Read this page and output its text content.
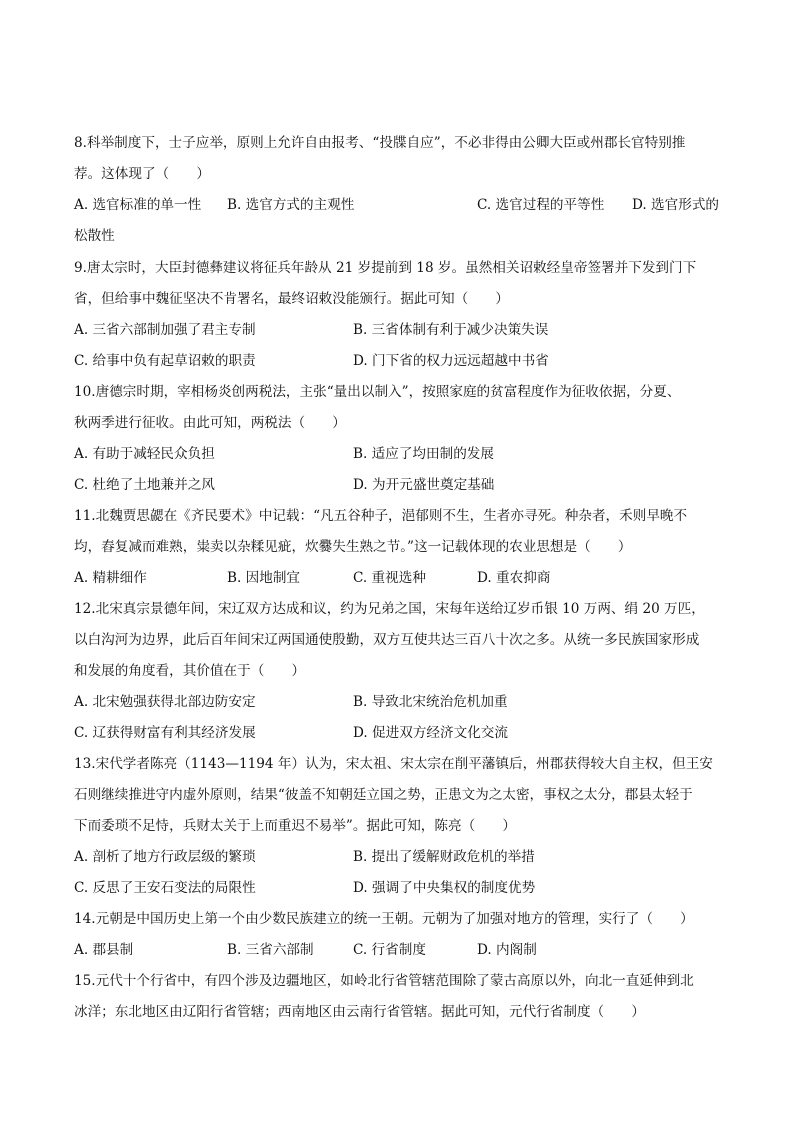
8.科举制度下，士子应举，原则上允许自由报考、“投牒自应”，不必非得由公卿大臣或州郡长官特别推
荐。这体现了（　　）
A. 选官标准的单一性 B. 选官方式的主观性	C. 选官过程的平等性 D. 选官形式的
松散性
9.唐太宗时，大臣封德彝建议将征兵年龄从 21 岁提前到 18 岁。虽然相关诏敕经皇帝签署并下发到门下
省，但给事中魏征坚决不肯署名，最终诏敕没能颁行。据此可知（　　）
A. 三省六部制加强了君主专制	B. 三省体制有利于减少决策失误
C. 给事中负有起草诏敕的职责	D. 门下省的权力远远超越中书省
10.唐德宗时期，宰相杨炎创两税法，主张“量出以制入”，按照家庭的贫富程度作为征收依据，分夏、
秋两季进行征收。由此可知，两税法（　　）
A. 有助于减轻民众负担	B. 适应了均田制的发展
C. 杜绝了土地兼并之风	D. 为开元盛世奠定基础
11.北魏贾思勰在《齐民要术》中记载：“凡五谷种子，浥郁则不生，生者亦寻死。种杂者，禾则早晚不
均，舂复减而难熟，粜卖以杂糅见疵，炊爨失生熟之节。”这一记载体现的农业思想是（　　）
A. 精耕细作	B. 因地制宜	C. 重视选种	D. 重农抑商
12.北宋真宗景德年间，宋辽双方达成和议，约为兄弟之国，宋每年送给辽岁币银 10 万两、绢 20 万匹，
以白沟河为边界，此后百年间宋辽两国通使殷勤，双方互使共达三百八十次之多。从统一多民族国家形成
和发展的角度看，其价值在于（　　）
A. 北宋勉强获得北部边防安定	B. 导致北宋统治危机加重
C. 辽获得财富有利其经济发展	D. 促进双方经济文化交流
13.宋代学者陈亮（1143—1194 年）认为，宋太祖、宋太宗在削平藩镇后，州郡获得较大自主权，但王安
石则继续推进守内虚外原则，结果“彼盖不知朝廷立国之势，正患文为之太密，事权之太分，郡县太轻于
下而委琐不足恃，兵财太关于上而重迟不易举”。据此可知，陈亮（　　）
A. 剖析了地方行政层级的繁琐	B. 提出了缓解财政危机的举措
C. 反思了王安石变法的局限性	D. 强调了中央集权的制度优势
14.元朝是中国历史上第一个由少数民族建立的统一王朝。元朝为了加强对地方的管理，实行了（　　）
A. 郡县制	B. 三省六部制	C. 行省制度	D. 内阁制
15.元代十个行省中，有四个涉及边疆地区，如岭北行省管辖范围除了蒙古高原以外，向北一直延伸到北
冰洋；东北地区由辽阳行省管辖；西南地区由云南行省管辖。据此可知，元代行省制度（　　）
